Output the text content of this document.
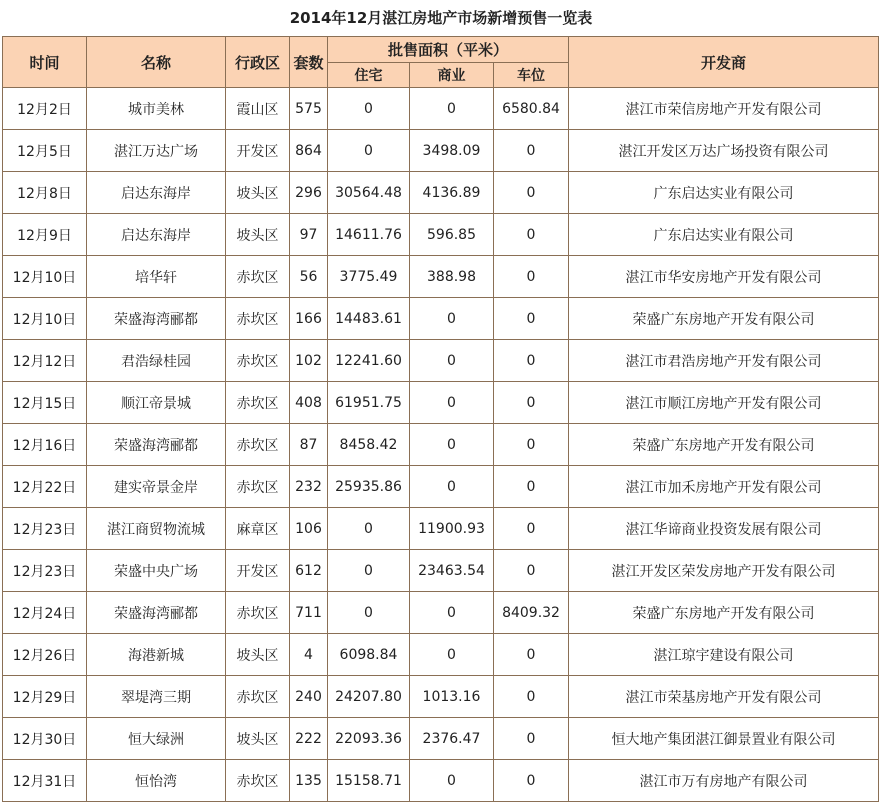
2014年12月湛江房地产市场新增预售一览表
时间	名称	行政区	套数	批售面积（平米）			开发商
				住宅	商业	车位	
12月2日	城市美林	霞山区	575	0	0	6580.84	湛江市荣信房地产开发有限公司
12月5日	湛江万达广场	开发区	864	0	3498.09	0	湛江开发区万达广场投资有限公司
12月8日	启达东海岸	坡头区	296	30564.48	4136.89	0	广东启达实业有限公司
12月9日	启达东海岸	坡头区	97	14611.76	596.85	0	广东启达实业有限公司
12月10日	培华轩	赤坎区	56	3775.49	388.98	0	湛江市华安房地产开发有限公司
12月10日	荣盛海湾郦都	赤坎区	166	14483.61	0	0	荣盛广东房地产开发有限公司
12月12日	君浩绿桂园	赤坎区	102	12241.60	0	0	湛江市君浩房地产开发有限公司
12月15日	顺江帝景城	赤坎区	408	61951.75	0	0	湛江市顺江房地产开发有限公司
12月16日	荣盛海湾郦都	赤坎区	87	8458.42	0	0	荣盛广东房地产开发有限公司
12月22日	建实帝景金岸	赤坎区	232	25935.86	0	0	湛江市加禾房地产开发有限公司
12月23日	湛江商贸物流城	麻章区	106	0	11900.93	0	湛江华谛商业投资发展有限公司
12月23日	荣盛中央广场	开发区	612	0	23463.54	0	湛江开发区荣发房地产开发有限公司
12月24日	荣盛海湾郦都	赤坎区	711	0	0	8409.32	荣盛广东房地产开发有限公司
12月26日	海港新城	坡头区	4	6098.84	0	0	湛江琼宇建设有限公司
12月29日	翠堤湾三期	赤坎区	240	24207.80	1013.16	0	湛江市荣基房地产开发有限公司
12月30日	恒大绿洲	坡头区	222	22093.36	2376.47	0	恒大地产集团湛江御景置业有限公司
12月31日	恒怡湾	赤坎区	135	15158.71	0	0	湛江市万有房地产有限公司
